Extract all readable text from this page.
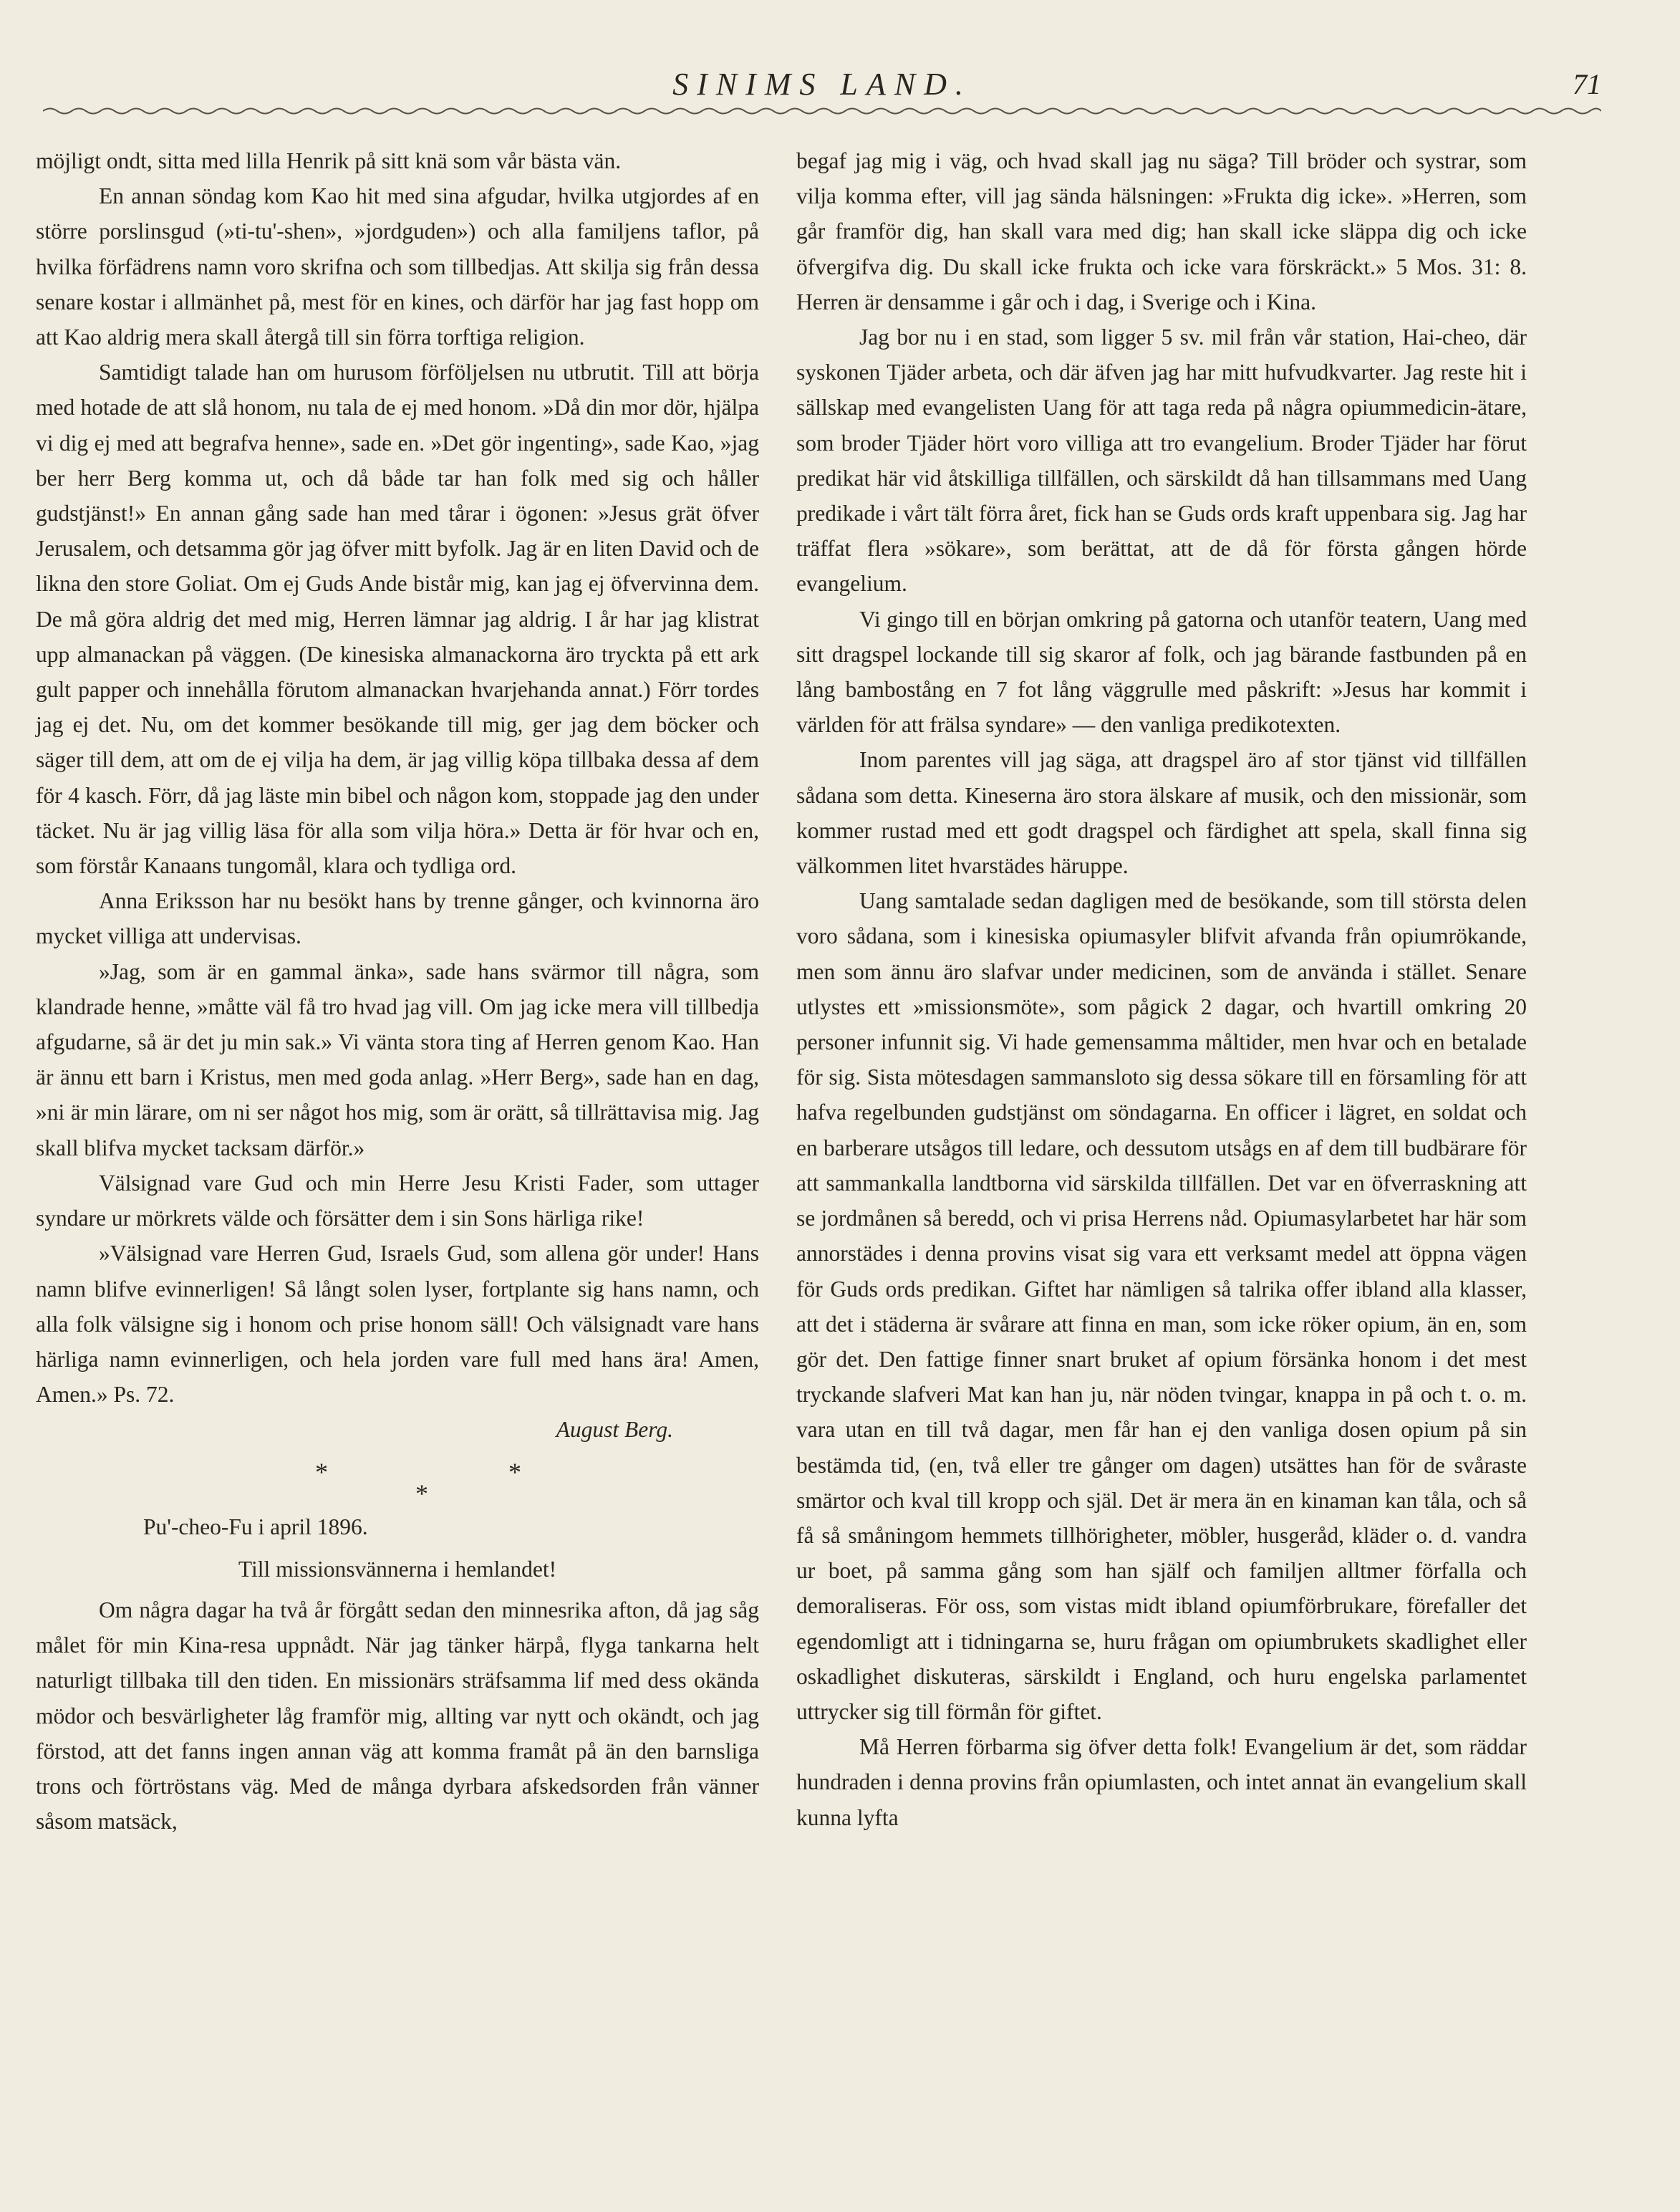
SINIMS LAND.	71

möjligt ondt, sitta med lilla Henrik på sitt knä som vår bästa vän.

En annan söndag kom Kao hit med sina afgudar, hvilka utgjordes af en större porslinsgud (»ti-tu'-shen», »jordguden») och alla familjens taflor, på hvilka förfädrens namn voro skrifna och som tillbedjas. Att skilja sig från dessa senare kostar i allmänhet på, mest för en kines, och därför har jag fast hopp om att Kao aldrig mera skall återgå till sin förra torftiga religion.

Samtidigt talade han om hurusom förföljelsen nu utbrutit. Till att börja med hotade de att slå honom, nu tala de ej med honom. »Då din mor dör, hjälpa vi dig ej med att begrafva henne», sade en. »Det gör ingenting», sade Kao, »jag ber herr Berg komma ut, och då både tar han folk med sig och håller gudstjänst!» En annan gång sade han med tårar i ögonen: »Jesus grät öfver Jerusalem, och detsamma gör jag öfver mitt byfolk. Jag är en liten David och de likna den store Goliat. Om ej Guds Ande bistår mig, kan jag ej öfvervinna dem. De må göra aldrig det med mig, Herren lämnar jag aldrig. I år har jag klistrat upp almanackan på väggen. (De kinesiska almanackorna äro tryckta på ett ark gult papper och innehålla förutom almanackan hvarjehanda annat.) Förr tordes jag ej det. Nu, om det kommer besökande till mig, ger jag dem böcker och säger till dem, att om de ej vilja ha dem, är jag villig köpa tillbaka dessa af dem för 4 kasch. Förr, då jag läste min bibel och någon kom, stoppade jag den under täcket. Nu är jag villig läsa för alla som vilja höra.» Detta är för hvar och en, som förstår Kanaans tungomål, klara och tydliga ord.

Anna Eriksson har nu besökt hans by trenne gånger, och kvinnorna äro mycket villiga att undervisas.

»Jag, som är en gammal änka», sade hans svärmor till några, som klandrade henne, »måtte väl få tro hvad jag vill. Om jag icke mera vill tillbedja afgudarne, så är det ju min sak.» Vi vänta stora ting af Herren genom Kao. Han är ännu ett barn i Kristus, men med goda anlag. »Herr Berg», sade han en dag, »ni är min lärare, om ni ser något hos mig, som är orätt, så tillrättavisa mig. Jag skall blifva mycket tacksam därför.»

Välsignad vare Gud och min Herre Jesu Kristi Fader, som uttager syndare ur mörkrets välde och försätter dem i sin Sons härliga rike!

»Välsignad vare Herren Gud, Israels Gud, som allena gör under! Hans namn blifve evinnerligen! Så långt solen lyser, fortplante sig hans namn, och alla folk välsigne sig i honom och prise honom säll! Och välsignadt vare hans härliga namn evinnerligen, och hela jorden vare full med hans ära! Amen, Amen.» Ps. 72.

August Berg.

*
*
*

Pu'-cheo-Fu i april 1896.

Till missionsvännerna i hemlandet!

Om några dagar ha två år förgått sedan den minnesrika afton, då jag såg målet för min Kina-resa uppnådt. När jag tänker härpå, flyga tankarna helt naturligt tillbaka till den tiden. En missionärs sträfsamma lif med dess okända mödor och besvärligheter låg framför mig, allting var nytt och okändt, och jag förstod, att det fanns ingen annan väg att komma framåt på än den barnsliga trons och förtröstans väg. Med de många dyrbara afskedsorden från vänner såsom matsäck,

begaf jag mig i väg, och hvad skall jag nu säga? Till bröder och systrar, som vilja komma efter, vill jag sända hälsningen: »Frukta dig icke». »Herren, som går framför dig, han skall vara med dig; han skall icke släppa dig och icke öfvergifva dig. Du skall icke frukta och icke vara förskräckt.» 5 Mos. 31: 8. Herren är densamme i går och i dag, i Sverige och i Kina.

Jag bor nu i en stad, som ligger 5 sv. mil från vår station, Hai-cheo, där syskonen Tjäder arbeta, och där äfven jag har mitt hufvudkvarter. Jag reste hit i sällskap med evangelisten Uang för att taga reda på några opiummedicin-ätare, som broder Tjäder hört voro villiga att tro evangelium. Broder Tjäder har förut predikat här vid åtskilliga tillfällen, och särskildt då han tillsammans med Uang predikade i vårt tält förra året, fick han se Guds ords kraft uppenbara sig. Jag har träffat flera »sökare», som berättat, att de då för första gången hörde evangelium.

Vi gingo till en början omkring på gatorna och utanför teatern, Uang med sitt dragspel lockande till sig skaror af folk, och jag bärande fastbunden på en lång bambostång en 7 fot lång väggrulle med påskrift: »Jesus har kommit i världen för att frälsa syndare» — den vanliga predikotexten.

Inom parentes vill jag säga, att dragspel äro af stor tjänst vid tillfällen sådana som detta. Kineserna äro stora älskare af musik, och den missionär, som kommer rustad med ett godt dragspel och färdighet att spela, skall finna sig välkommen litet hvarstädes häruppe.

Uang samtalade sedan dagligen med de besökande, som till största delen voro sådana, som i kinesiska opiumasyler blifvit afvanda från opiumrökande, men som ännu äro slafvar under medicinen, som de använda i stället. Senare utlystes ett »missionsmöte», som pågick 2 dagar, och hvartill omkring 20 personer infunnit sig. Vi hade gemensamma måltider, men hvar och en betalade för sig. Sista mötesdagen sammansloto sig dessa sökare till en församling för att hafva regelbunden gudstjänst om söndagarna. En officer i lägret, en soldat och en barberare utsågos till ledare, och dessutom utsågs en af dem till budbärare för att sammankalla landtborna vid särskilda tillfällen. Det var en öfverraskning att se jordmånen så beredd, och vi prisa Herrens nåd. Opiumasylarbetet har här som annorstädes i denna provins visat sig vara ett verksamt medel att öppna vägen för Guds ords predikan. Giftet har nämligen så talrika offer ibland alla klasser, att det i städerna är svårare att finna en man, som icke röker opium, än en, som gör det. Den fattige finner snart bruket af opium försänka honom i det mest tryckande slafveri Mat kan han ju, när nöden tvingar, knappa in på och t. o. m. vara utan en till två dagar, men får han ej den vanliga dosen opium på sin bestämda tid, (en, två eller tre gånger om dagen) utsättes han för de svåraste smärtor och kval till kropp och själ. Det är mera än en kinaman kan tåla, och så få så småningom hemmets tillhörigheter, möbler, husgeråd, kläder o. d. vandra ur boet, på samma gång som han själf och familjen alltmer förfalla och demoraliseras. För oss, som vistas midt ibland opiumförbrukare, förefaller det egendomligt att i tidningarna se, huru frågan om opiumbrukets skadlighet eller oskadlighet diskuteras, särskildt i England, och huru engelska parlamentet uttrycker sig till förmån för giftet.

Må Herren förbarma sig öfver detta folk! Evangelium är det, som räddar hundraden i denna provins från opiumlasten, och intet annat än evangelium skall kunna lyfta
